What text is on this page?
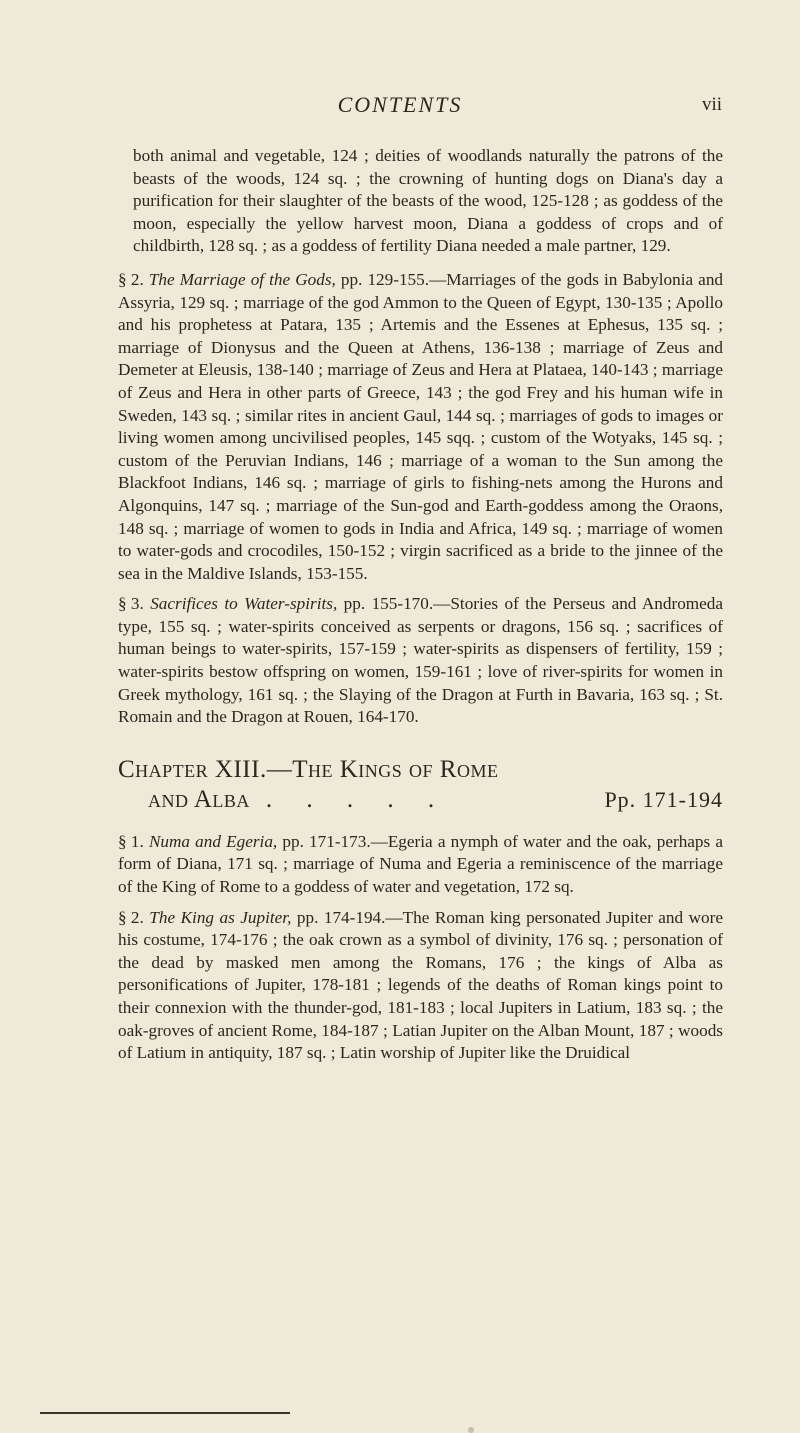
CONTENTS	vii

both animal and vegetable, 124 ; deities of woodlands naturally the patrons of the beasts of the woods, 124 sq. ; the crowning of hunting dogs on Diana's day a purification for their slaughter of the beasts of the wood, 125-128 ; as goddess of the moon, especially the yellow harvest moon, Diana a goddess of crops and of childbirth, 128 sq. ; as a goddess of fertility Diana needed a male partner, 129.

§ 2. The Marriage of the Gods, pp. 129-155.—Marriages of the gods in Babylonia and Assyria, 129 sq. ; marriage of the god Ammon to the Queen of Egypt, 130-135 ; Apollo and his prophetess at Patara, 135 ; Artemis and the Essenes at Ephesus, 135 sq. ; marriage of Dionysus and the Queen at Athens, 136-138 ; marriage of Zeus and Demeter at Eleusis, 138-140 ; marriage of Zeus and Hera at Plataea, 140-143 ; marriage of Zeus and Hera in other parts of Greece, 143 ; the god Frey and his human wife in Sweden, 143 sq. ; similar rites in ancient Gaul, 144 sq. ; marriages of gods to images or living women among uncivilised peoples, 145 sqq. ; custom of the Wotyaks, 145 sq. ; custom of the Peruvian Indians, 146 ; marriage of a woman to the Sun among the Blackfoot Indians, 146 sq. ; marriage of girls to fishing-nets among the Hurons and Algonquins, 147 sq. ; marriage of the Sun-god and Earth-goddess among the Oraons, 148 sq. ; marriage of women to gods in India and Africa, 149 sq. ; marriage of women to water-gods and crocodiles, 150-152 ; virgin sacrificed as a bride to the jinnee of the sea in the Maldive Islands, 153-155.

§ 3. Sacrifices to Water-spirits, pp. 155-170.—Stories of the Perseus and Andromeda type, 155 sq. ; water-spirits conceived as serpents or dragons, 156 sq. ; sacrifices of human beings to water-spirits, 157-159 ; water-spirits as dispensers of fertility, 159 ; water-spirits bestow offspring on women, 159-161 ; love of river-spirits for women in Greek mythology, 161 sq. ; the Slaying of the Dragon at Furth in Bavaria, 163 sq. ; St. Romain and the Dragon at Rouen, 164-170.

Chapter XIII.—The Kings of Rome
and Alba . . . . .	Pp. 171-194

§ 1. Numa and Egeria, pp. 171-173.—Egeria a nymph of water and the oak, perhaps a form of Diana, 171 sq. ; marriage of Numa and Egeria a reminiscence of the marriage of the King of Rome to a goddess of water and vegetation, 172 sq.

§ 2. The King as Jupiter, pp. 174-194.—The Roman king personated Jupiter and wore his costume, 174-176 ; the oak crown as a symbol of divinity, 176 sq. ; personation of the dead by masked men among the Romans, 176 ; the kings of Alba as personifications of Jupiter, 178-181 ; legends of the deaths of Roman kings point to their connexion with the thunder-god, 181-183 ; local Jupiters in Latium, 183 sq. ; the oak-groves of ancient Rome, 184-187 ; Latian Jupiter on the Alban Mount, 187 ; woods of Latium in antiquity, 187 sq. ; Latin worship of Jupiter like the Druidical
